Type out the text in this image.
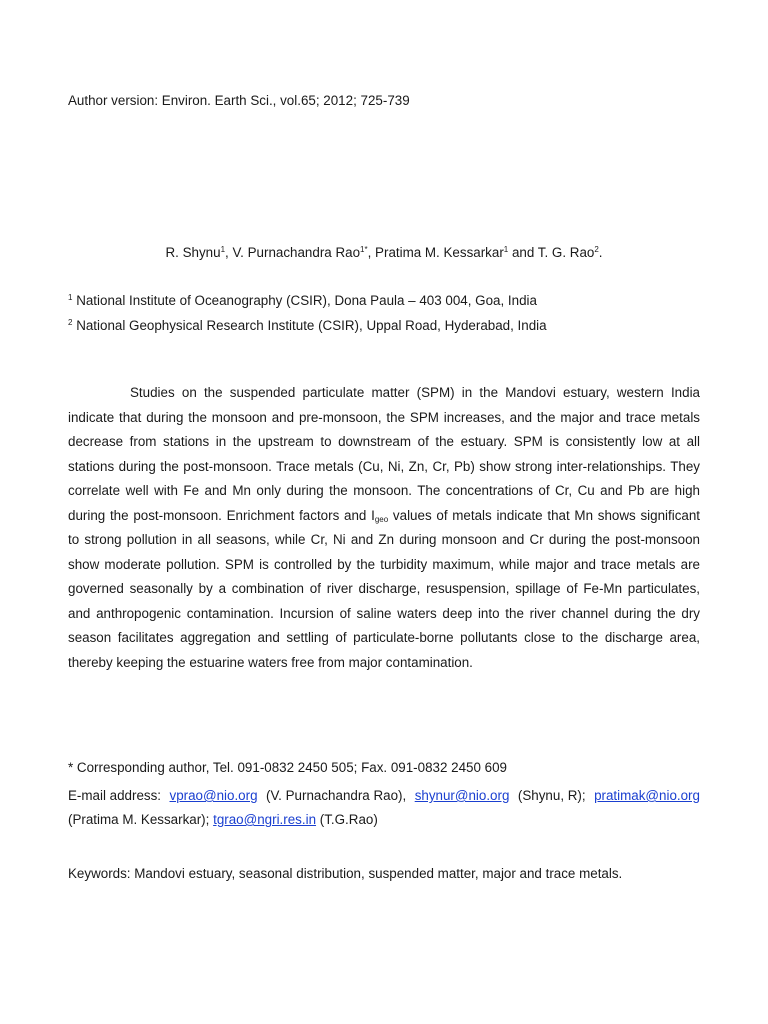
Author version: Environ. Earth Sci., vol.65; 2012; 725-739
R. Shynu$^1$, V. Purnachandra Rao$^{1*}$, Pratima M. Kessarkar$^1$ and T. G. Rao$^2$.
$^1$ National Institute of Oceanography (CSIR), Dona Paula – 403 004, Goa, India
$^2$ National Geophysical Research Institute (CSIR), Uppal Road, Hyderabad, India

Studies on the suspended particulate matter (SPM) in the Mandovi estuary, western India indicate that during the monsoon and pre-monsoon, the SPM increases, and the major and trace metals decrease from stations in the upstream to downstream of the estuary. SPM is consistently low at all stations during the post-monsoon. Trace metals (Cu, Ni, Zn, Cr, Pb) show strong inter-relationships. They correlate well with Fe and Mn only during the monsoon. The concentrations of Cr, Cu and Pb are high during the post-monsoon. Enrichment factors and $I_{geo}$ values of metals indicate that Mn shows significant to strong pollution in all seasons, while Cr, Ni and Zn during monsoon and Cr during the post-monsoon show moderate pollution. SPM is controlled by the turbidity maximum, while major and trace metals are governed seasonally by a combination of river discharge, resuspension, spillage of Fe-Mn particulates, and anthropogenic contamination. Incursion of saline waters deep into the river channel during the dry season facilitates aggregation and settling of particulate-borne pollutants close to the discharge area, thereby keeping the estuarine waters free from major contamination.

* Corresponding author, Tel. 091-0832 2450 505; Fax. 091-0832 2450 609
E-mail address: vprao@nio.org (V. Purnachandra Rao), shynur@nio.org (Shynu, R); pratimak@nio.org
(Pratima M. Kessarkar); tgrao@ngri.res.in (T.G.Rao)
Keywords: Mandovi estuary, seasonal distribution, suspended matter, major and trace metals.
